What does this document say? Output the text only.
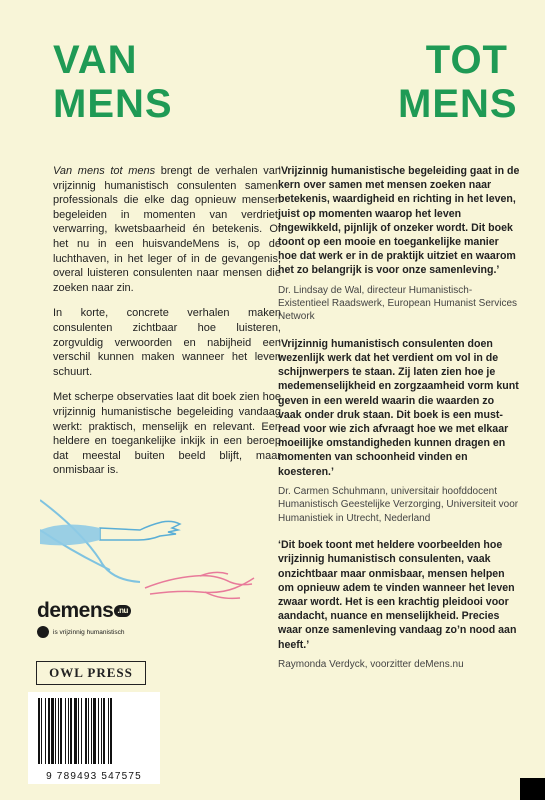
VAN
MENS
TOT
MENS

Van mens tot mens brengt de verhalen van vrijzinnig humanistisch consulenten samen: professionals die elke dag opnieuw mensen begeleiden in momenten van verdriet, verwarring, kwetsbaarheid én betekenis. Of het nu in een huisvandeMens is, op de luchthaven, in het leger of in de gevangenis, overal luisteren consulenten naar mensen die zoeken naar zin.

In korte, concrete verhalen maken consulenten zichtbaar hoe luisteren, zorgvuldig verwoorden en nabijheid een verschil kunnen maken wanneer het leven schuurt.

Met scherpe observaties laat dit boek zien hoe vrijzinnig humanistische begeleiding vandaag werkt: praktisch, menselijk en relevant. Een heldere en toegankelijke inkijk in een beroep dat meestal buiten beeld blijft, maar onmisbaar is.

‘Vrijzinnig humanistische begeleiding gaat in de kern over samen met mensen zoeken naar betekenis, waardigheid en richting in het leven, juist op momenten waarop het leven ingewikkeld, pijnlijk of onzeker wordt. Dit boek toont op een mooie en toegankelijke manier hoe dat werk er in de praktijk uitziet en waarom het zo belangrijk is voor onze samenleving.’

Dr. Lindsay de Wal, directeur Humanistisch-Existentieel Raadswerk, European Humanist Services Network

‘Vrijzinnig humanistisch consulenten doen wezenlijk werk dat het verdient om vol in de schijnwerpers te staan. Zij laten zien hoe je medemenselijkheid en zorgzaamheid vorm kunt geven in een wereld waarin die waarden zo vaak onder druk staan. Dit boek is een must-read voor wie zich afvraagt hoe we met elkaar moeilijke omstandigheden kunnen dragen en momenten van schoonheid vinden en koesteren.’

Dr. Carmen Schuhmann, universitair hoofddocent Humanistisch Geestelijke Verzorging, Universiteit voor Humanistiek in Utrecht, Nederland

‘Dit boek toont met heldere voorbeelden hoe vrijzinnig humanistisch consulenten, vaak onzichtbaar maar onmisbaar, mensen helpen om opnieuw adem te vinden wanneer het leven zwaar wordt. Het is een krachtig pleidooi voor aandacht, nuance en menselijkheid. Precies waar onze samenleving vandaag zo’n nood aan heeft.’

Raymonda Verdyck, voorzitter deMens.nu

demens .nu
is vrijzinnig humanistisch
OWL PRESS
9 789493 547575
